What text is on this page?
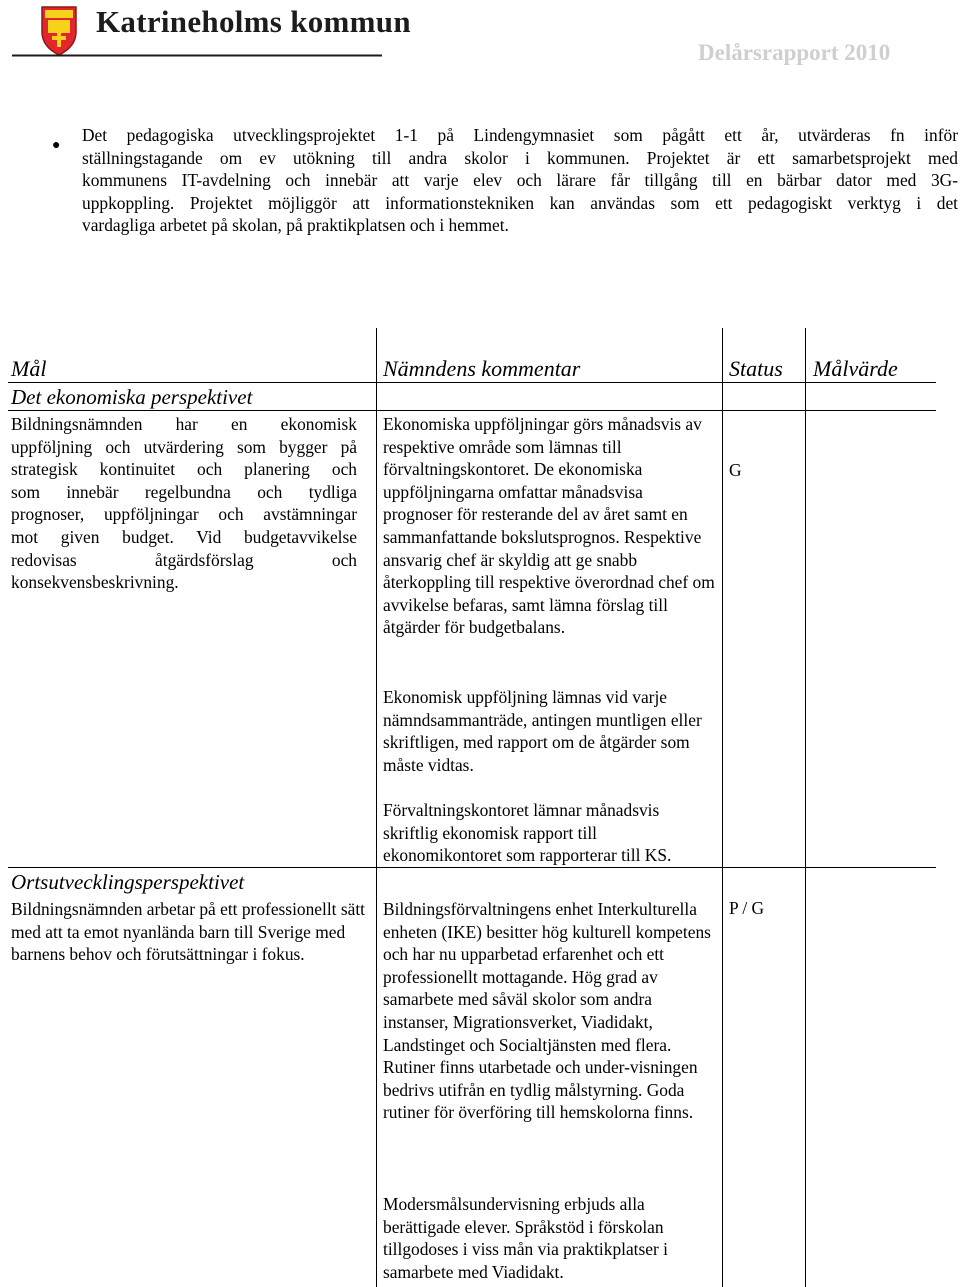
Katrineholms kommun
Delårsrapport 2010
●
Det pedagogiska utvecklingsprojektet 1-1 på Lindengymnasiet som pågått ett år, utvärderas fn inför
ställningstagande om ev utökning till andra skolor i kommunen. Projektet är ett samarbetsprojekt med
kommunens IT-avdelning och innebär att varje elev och lärare får tillgång till en bärbar dator med 3G-
uppkoppling. Projektet möjliggör att informationstekniken kan användas som ett pedagogiskt verktyg i det
vardagliga arbetet på skolan, på praktikplatsen och i hemmet.
Mål	Nämndens kommentar	Status Målvärde
Det ekonomiska perspektivet
Bildningsnämnden har en ekonomisk
uppföljning och utvärdering som bygger på
strategisk kontinuitet och planering och
som innebär regelbundna och tydliga
prognoser, uppföljningar och avstämningar
mot given budget. Vid budgetavvikelse
redovisas åtgärdsförslag och
konsekvensbeskrivning.

Ekonomiska uppföljningar görs månadsvis av respektive område som lämnas till förvaltningskontoret. De ekonomiska uppföljningarna omfattar månadsvisa prognoser för resterande del av året samt en sammanfattande bokslutsprognos. Respektive ansvarig chef är skyldig att ge snabb återkoppling till respektive överordnad chef om avvikelse befaras, samt lämna förslag till åtgärder för budgetbalans.

Ekonomisk uppföljning lämnas vid varje nämndsammanträde, antingen muntligen eller skriftligen, med rapport om de åtgärder som måste vidtas.

Förvaltningskontoret lämnar månadsvis skriftlig ekonomisk rapport till ekonomikontoret som rapporterar till KS.

G
Ortsutvecklingsperspektivet

Bildningsnämnden arbetar på ett professionellt sätt med att ta emot nyanlända barn till Sverige med barnens behov och förutsättningar i fokus.

Bildningsförvaltningens enhet Interkulturella enheten (IKE) besitter hög kulturell kompetens och har nu upparbetad erfarenhet och ett professionellt mottagande. Hög grad av samarbete med såväl skolor som andra instanser, Migrationsverket, Viadidakt, Landstinget och Socialtjänsten med flera. Rutiner finns utarbetade och under-visningen bedrivs utifrån en tydlig målstyrning. Goda rutiner för överföring till hemskolorna finns.

Modersmålsundervisning erbjuds alla berättigade elever. Språkstöd i förskolan tillgodoses i viss mån via praktikplatser i samarbete med Viadidakt.

P / G
